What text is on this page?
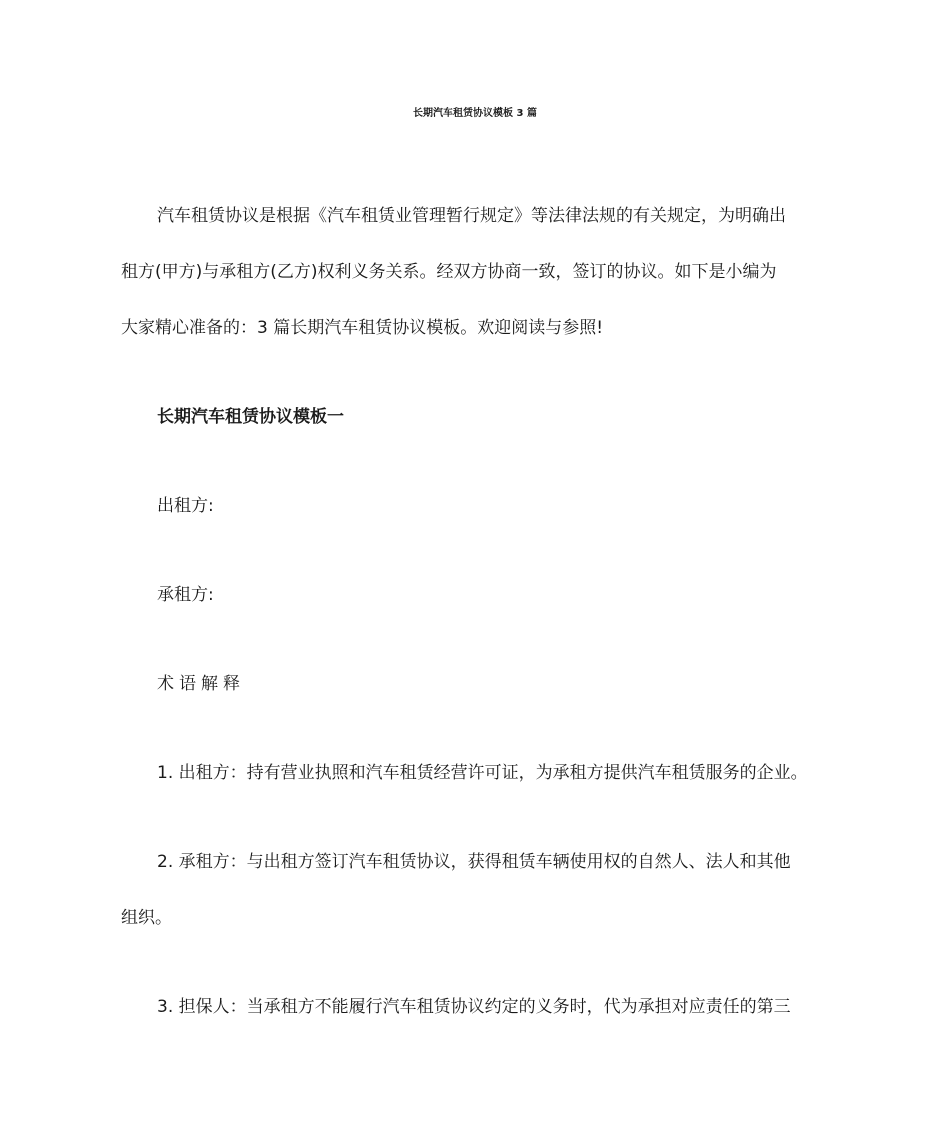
长期汽车租赁协议模板 3 篇
汽车租赁协议是根据《汽车租赁业管理暂行规定》等法律法规的有关规定，为明确出
租方(甲方)与承租方(乙方)权利义务关系。经双方协商一致，签订的协议。如下是小编为
大家精心准备的：3 篇长期汽车租赁协议模板。欢迎阅读与参照!
长期汽车租赁协议模板一
出租方:
承租方:
术语解释
1. 出租方：持有营业执照和汽车租赁经营许可证，为承租方提供汽车租赁服务的企业。
2. 承租方：与出租方签订汽车租赁协议，获得租赁车辆使用权的自然人、法人和其他
组织。
3. 担保人：当承租方不能履行汽车租赁协议约定的义务时，代为承担对应责任的第三
